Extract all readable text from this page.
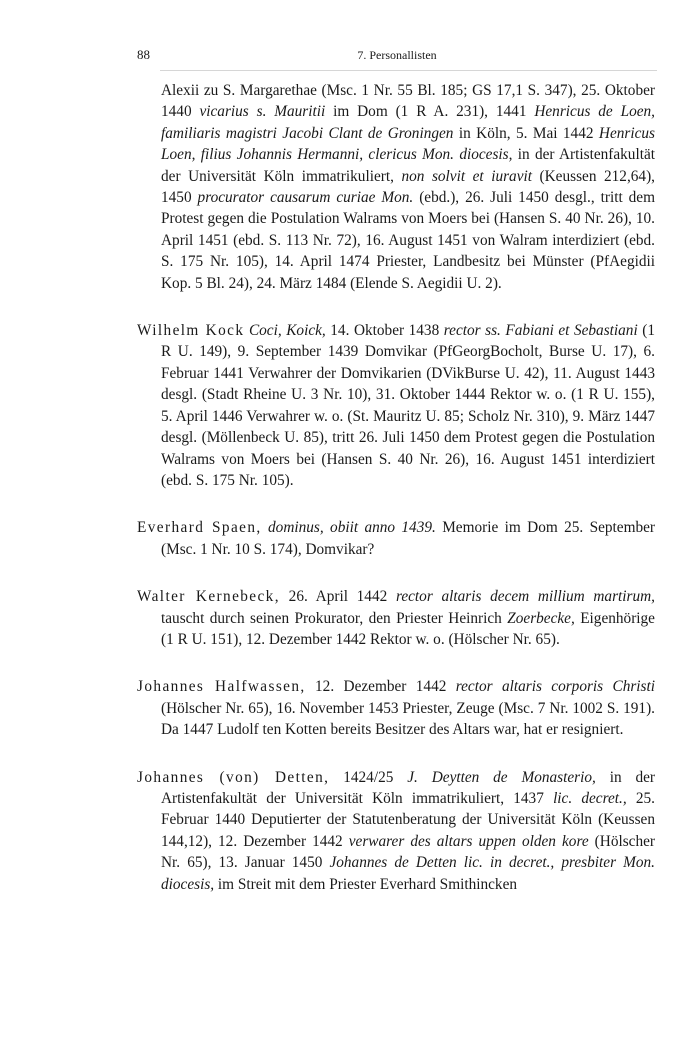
88	7. Personallisten

Alexii zu S. Margarethae (Msc. 1 Nr. 55 Bl. 185; GS 17,1 S. 347), 25. Oktober 1440 vicarius s. Mauritii im Dom (1 R A. 231), 1441 Henricus de Loen, familiaris magistri Jacobi Clant de Groningen in Köln, 5. Mai 1442 Henricus Loen, filius Johannis Hermanni, clericus Mon. diocesis, in der Artistenfakultät der Universität Köln immatrikuliert, non solvit et iuravit (Keussen 212,64), 1450 procurator causarum curiae Mon. (ebd.), 26. Juli 1450 desgl., tritt dem Protest gegen die Postulation Walrams von Moers bei (Hansen S. 40 Nr. 26), 10. April 1451 (ebd. S. 113 Nr. 72), 16. August 1451 von Walram interdiziert (ebd. S. 175 Nr. 105), 14. April 1474 Priester, Landbesitz bei Münster (PfAegidii Kop. 5 Bl. 24), 24. März 1484 (Elende S. Aegidii U. 2).

Wilhelm Kock Coci, Koick, 14. Oktober 1438 rector ss. Fabiani et Sebastiani (1 R U. 149), 9. September 1439 Domvikar (PfGeorgBocholt, Burse U. 17), 6. Februar 1441 Verwahrer der Domvikarien (DVikBurse U. 42), 11. August 1443 desgl. (Stadt Rheine U. 3 Nr. 10), 31. Oktober 1444 Rektor w. o. (1 R U. 155), 5. April 1446 Verwahrer w. o. (St. Mauritz U. 85; Scholz Nr. 310), 9. März 1447 desgl. (Möllenbeck U. 85), tritt 26. Juli 1450 dem Protest gegen die Postulation Walrams von Moers bei (Hansen S. 40 Nr. 26), 16. August 1451 interdiziert (ebd. S. 175 Nr. 105).

Everhard Spaen, dominus, obiit anno 1439. Memorie im Dom 25. September (Msc. 1 Nr. 10 S. 174), Domvikar?

Walter Kernebeck, 26. April 1442 rector altaris decem millium martirum, tauscht durch seinen Prokurator, den Priester Heinrich Zoerbecke, Eigenhörige (1 R U. 151), 12. Dezember 1442 Rektor w. o. (Hölscher Nr. 65).

Johannes Halfwassen, 12. Dezember 1442 rector altaris corporis Christi (Hölscher Nr. 65), 16. November 1453 Priester, Zeuge (Msc. 7 Nr. 1002 S. 191). Da 1447 Ludolf ten Kotten bereits Besitzer des Altars war, hat er resigniert.

Johannes (von) Detten, 1424/25 J. Deytten de Monasterio, in der Artistenfakultät der Universität Köln immatrikuliert, 1437 lic. decret., 25. Februar 1440 Deputierter der Statutenberatung der Universität Köln (Keussen 144,12), 12. Dezember 1442 verwarer des altars uppen olden kore (Hölscher Nr. 65), 13. Januar 1450 Johannes de Detten lic. in decret., presbiter Mon. diocesis, im Streit mit dem Priester Everhard Smithincken
